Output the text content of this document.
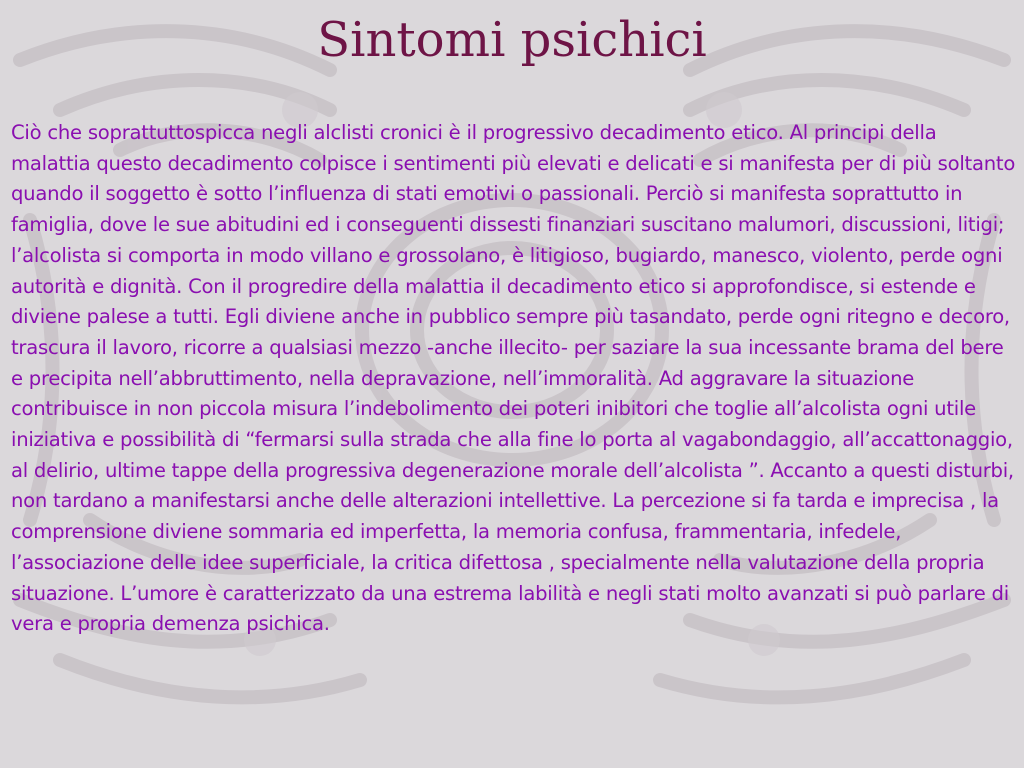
Sintomi psichici

Ciò che soprattuttospicca negli alclisti cronici è il progressivo decadimento etico. Al principi della malattia questo decadimento colpisce i sentimenti più elevati e delicati e si manifesta per di più soltanto quando il soggetto è sotto l’influenza di stati emotivi o passionali. Perciò si manifesta soprattutto in famiglia, dove le sue abitudini ed i conseguenti dissesti finanziari suscitano malumori, discussioni, litigi; l’alcolista si comporta in modo villano e grossolano, è litigioso, bugiardo, manesco, violento, perde ogni autorità e dignità. Con il progredire della malattia il decadimento etico si approfondisce, si estende e diviene palese a tutti. Egli diviene anche in pubblico sempre più tasandato, perde ogni ritegno e decoro, trascura il lavoro, ricorre a qualsiasi mezzo -anche illecito- per saziare la sua incessante brama del bere e precipita nell’abbruttimento, nella depravazione, nell’immoralità. Ad aggravare la situazione contribuisce in non piccola misura l’indebolimento dei poteri inibitori che toglie all’alcolista ogni utile iniziativa e possibilità di “fermarsi sulla strada che alla fine lo porta al vagabondaggio, all’accattonaggio, al delirio, ultime tappe della progressiva degenerazione morale dell’alcolista ”. Accanto a questi disturbi, non tardano a manifestarsi anche delle alterazioni intellettive. La percezione si fa tarda e imprecisa , la comprensione diviene sommaria ed imperfetta, la memoria confusa, frammentaria, infedele, l’associazione delle idee superficiale, la critica difettosa , specialmente nella valutazione della propria situazione. L’umore è caratterizzato da una estrema labilità e negli stati molto avanzati si può parlare di vera e propria demenza psichica.
